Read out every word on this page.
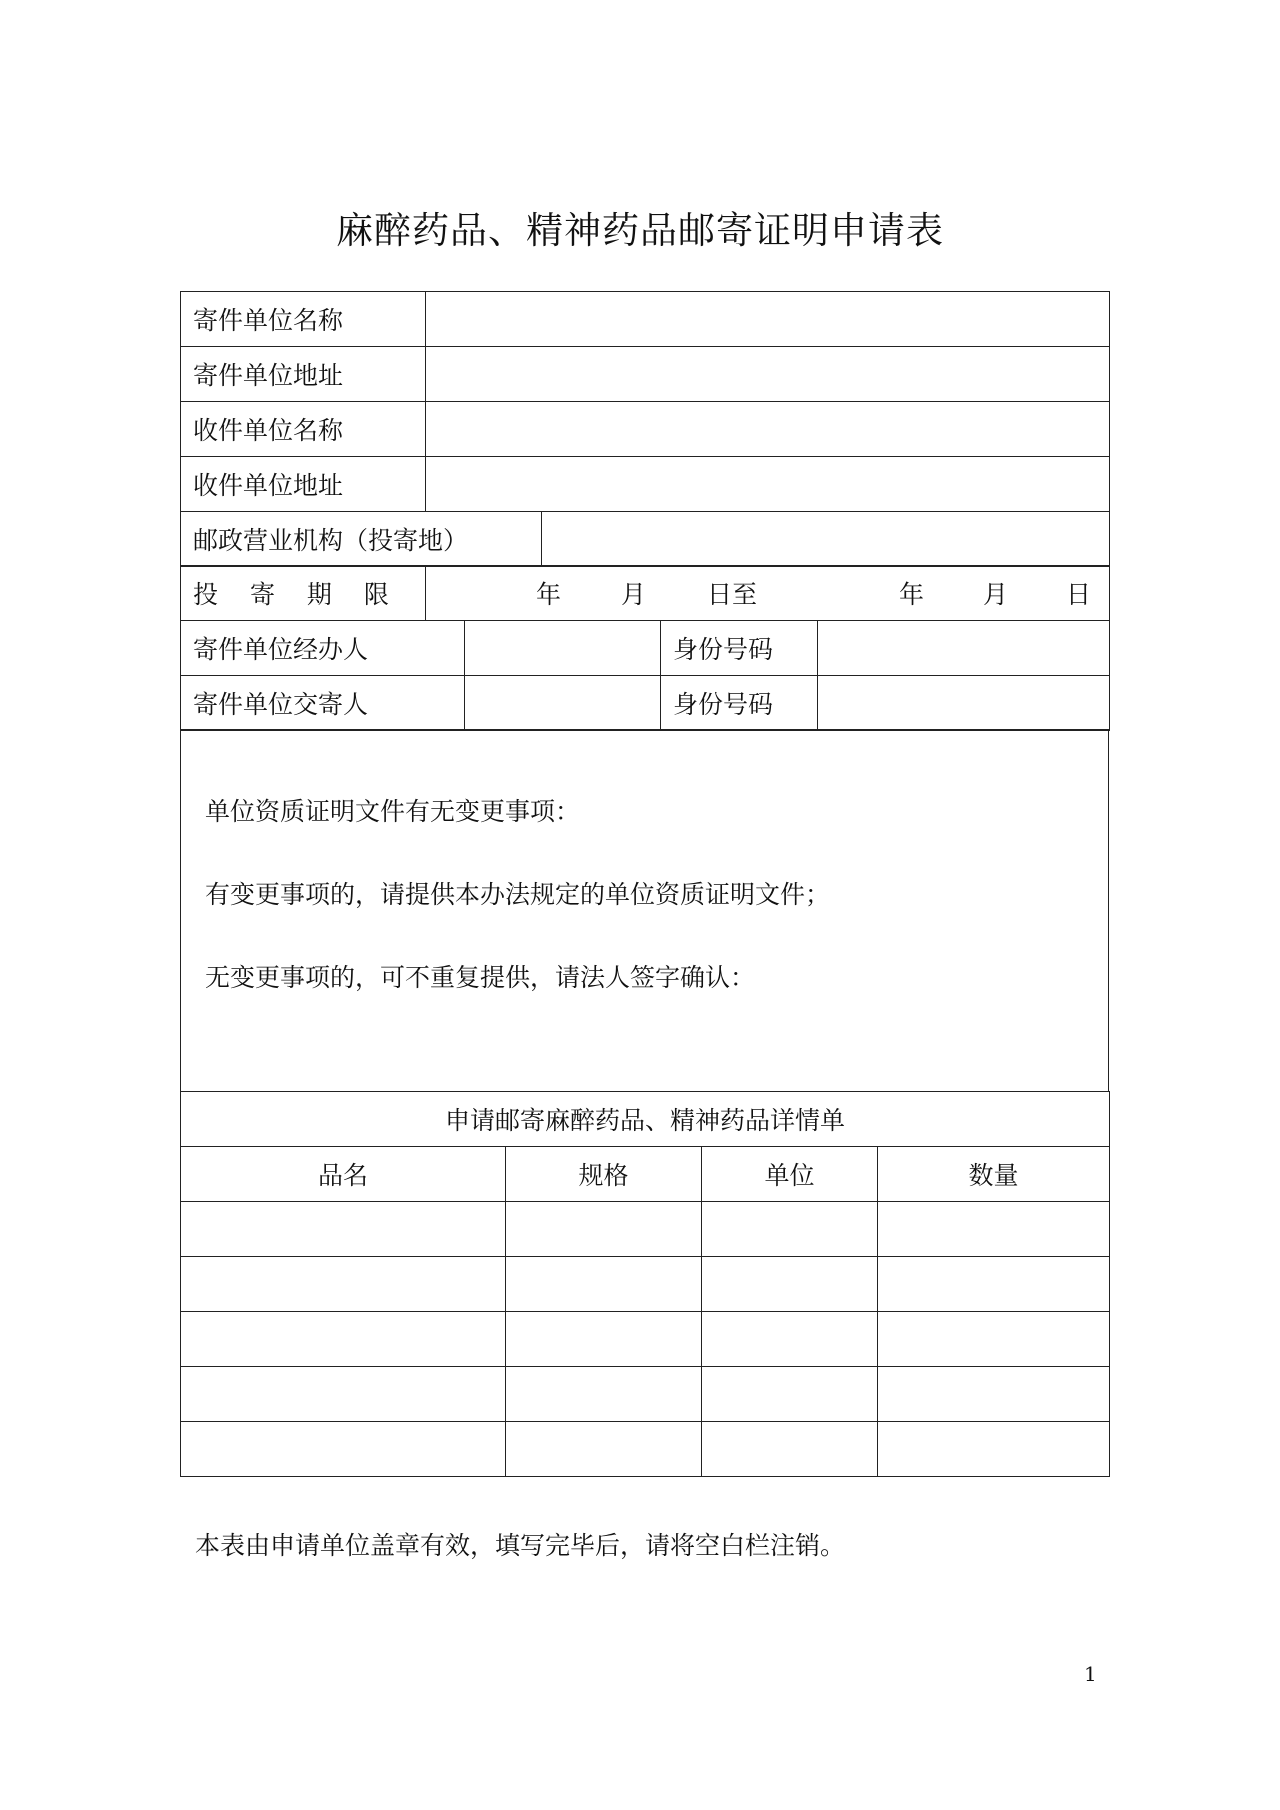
麻醉药品、精神药品邮寄证明申请表
寄件单位名称	
寄件单位地址	
收件单位名称	
收件单位地址	
邮政营业机构（投寄地）	
投 寄 期 限	年 月 日至	年 月 日
寄件单位经办人		身份号码	
寄件单位交寄人		身份号码	

单位资质证明文件有无变更事项：

有变更事项的，请提供本办法规定的单位资质证明文件；

无变更事项的，可不重复提供，请法人签字确认：

申请邮寄麻醉药品、精神药品详情单			
品名	规格	单位	数量

本表由申请单位盖章有效，填写完毕后，请将空白栏注销。
1
